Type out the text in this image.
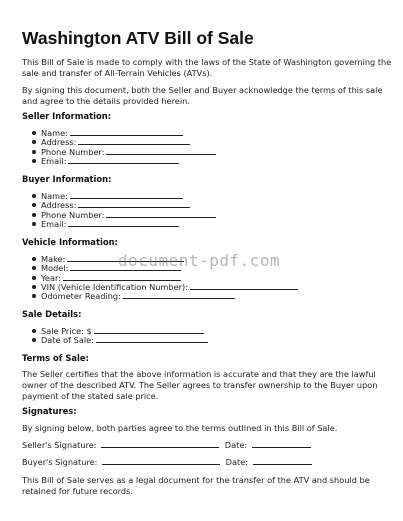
Washington ATV Bill of Sale

This Bill of Sale is made to comply with the laws of the State of Washington governing the sale and transfer of All-Terrain Vehicles (ATVs).

By signing this document, both the Seller and Buyer acknowledge the terms of this sale and agree to the details provided herein.

Seller Information:

Name:
Address:
Phone Number:
Email:

Buyer Information:

Name:
Address:
Phone Number:
Email:

Vehicle Information:

Make:
Model:
Year:
VIN (Vehicle Identification Number):
Odometer Reading:

Sale Details:

Sale Price: $
Date of Sale:

Terms of Sale:

The Seller certifies that the above information is accurate and that they are the lawful owner of the described ATV. The Seller agrees to transfer ownership to the Buyer upon payment of the stated sale price.

Signatures:

By signing below, both parties agree to the terms outlined in this Bill of Sale.

Seller's Signature:	Date:

Buyer's Signature:	Date:

This Bill of Sale serves as a legal document for the transfer of the ATV and should be retained for future records.

document-pdf.com
